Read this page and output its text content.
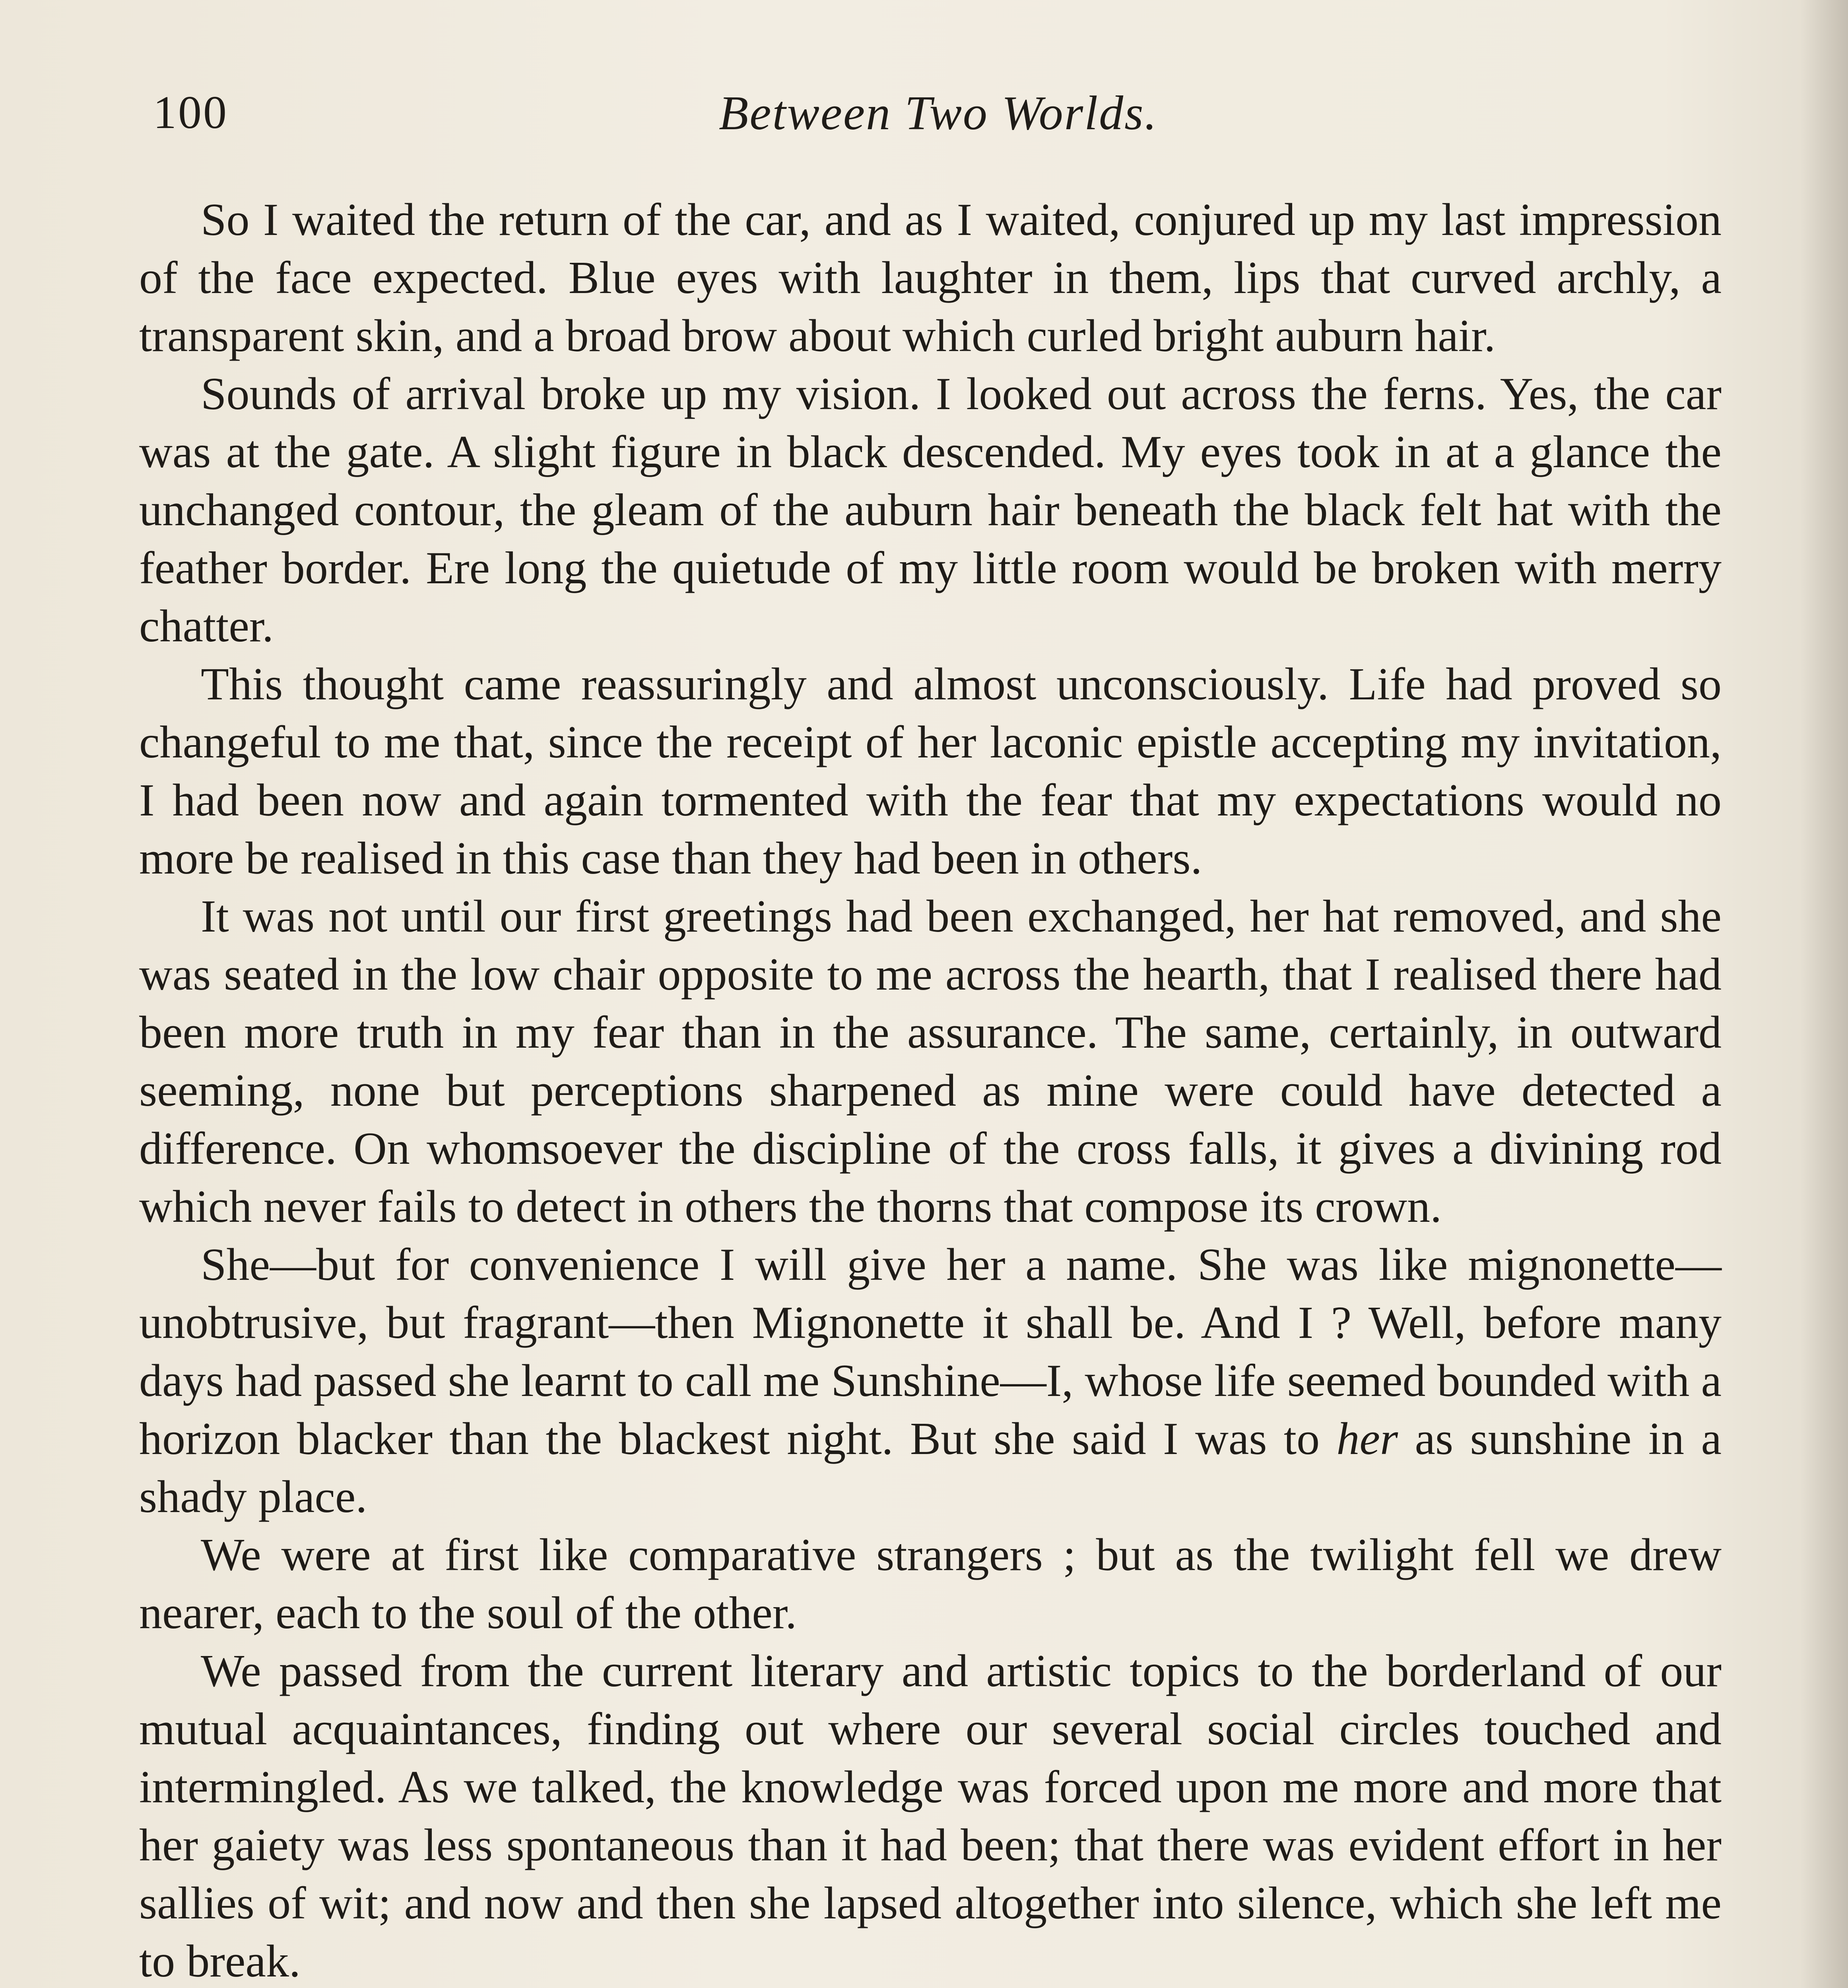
100	Between Two Worlds.

So I waited the return of the car, and as I waited, conjured up my last impression of the face expected. Blue eyes with laughter in them, lips that curved archly, a transparent skin, and a broad brow about which curled bright auburn hair.

Sounds of arrival broke up my vision. I looked out across the ferns. Yes, the car was at the gate. A slight figure in black descended. My eyes took in at a glance the unchanged contour, the gleam of the auburn hair beneath the black felt hat with the feather border. Ere long the quietude of my little room would be broken with merry chatter.

This thought came reassuringly and almost unconsciously. Life had proved so changeful to me that, since the receipt of her laconic epistle accepting my invitation, I had been now and again tormented with the fear that my expectations would no more be realised in this case than they had been in others.

It was not until our first greetings had been exchanged, her hat removed, and she was seated in the low chair opposite to me across the hearth, that I realised there had been more truth in my fear than in the assurance. The same, certainly, in outward seeming, none but perceptions sharpened as mine were could have detected a difference. On whomsoever the discipline of the cross falls, it gives a divining rod which never fails to detect in others the thorns that compose its crown.

She—but for convenience I will give her a name. She was like mignonette—unobtrusive, but fragrant—then Mignonette it shall be. And I ? Well, before many days had passed she learnt to call me Sunshine—I, whose life seemed bounded with a horizon blacker than the blackest night. But she said I was to her as sunshine in a shady place.

We were at first like comparative strangers ; but as the twilight fell we drew nearer, each to the soul of the other.

We passed from the current literary and artistic topics to the borderland of our mutual acquaintances, finding out where our several social circles touched and intermingled. As we talked, the knowledge was forced upon me more and more that her gaiety was less spontaneous than it had been; that there was evident effort in her sallies of wit; and now and then she lapsed altogether into silence, which she left me to break.
